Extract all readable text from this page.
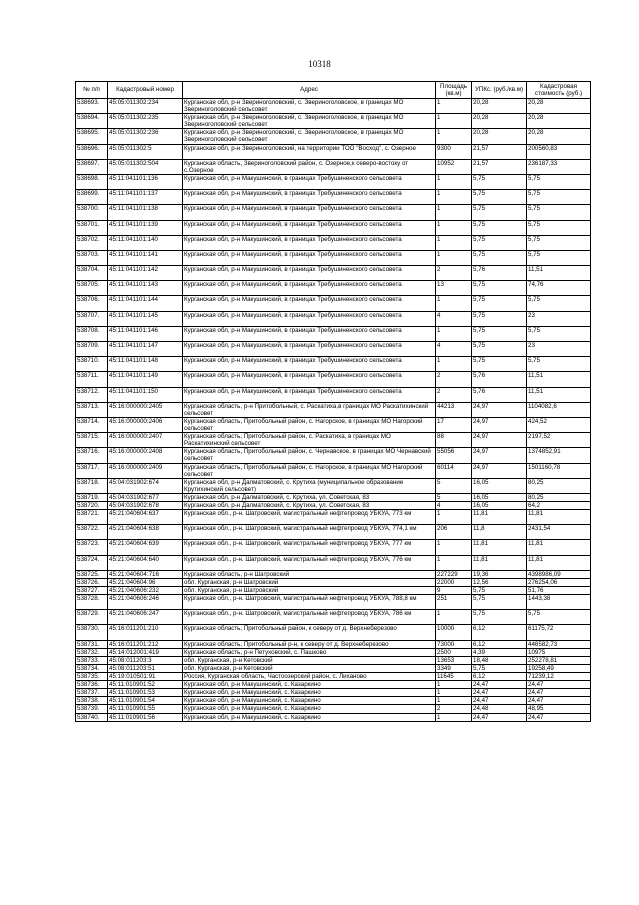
10318
№ п/п	Кадастровый номер	Адрес	Площадь (кв.м)	УПКс. (руб./кв.м)	Кадастровая стоимость (руб.)
538693.	45:05:011302:234	Курганская обл, р-н Звериноголовский, с. Звериноголовское, в границах МО Звериноголовский сельсовет	1	20,28	20,28
538694.	45:05:011302:235	Курганская обл, р-н Звериноголовский, с. Звериноголовское, в границах МО Звериноголовский сельсовет	1	20,28	20,28
538695.	45:05:011302:236	Курганская обл, р-н Звериноголовский, с. Звериноголовское, в границах МО Звериноголовский сельсовет	1	20,28	20,28
538696.	45:05:011302:5	Курганская обл, р-н Звериноголовский, на территории ТОО "Восход", с. Озерное	9300	21,57	200560,83
538697.	45:05:011302:504	Курганская область, Звериноголовский район, с. Озерное,к северо-востоку от с.Озерное	10952	21,57	236187,33
538698.	45:11:041101:136	Курганская обл, р-н Макушинский, в границах Требушиненского сельсовета	1	5,75	5,75
538699.	45:11:041101:137	Курганская обл, р-н Макушинский, в границах Требушиненского сельсовета	1	5,75	5,75
538700.	45:11:041101:138	Курганская обл, р-н Макушинский, в границах Требушиненского сельсовета	1	5,75	5,75
538701.	45:11:041101:139	Курганская обл, р-н Макушинский, в границах Требушиненского сельсовета	1	5,75	5,75
538702.	45:11:041101:140	Курганская обл, р-н Макушинский, в границах Требушиненского сельсовета	1	5,75	5,75
538703.	45:11:041101:141	Курганская обл, р-н Макушинский, в границах Требушиненского сельсовета	1	5,75	5,75
538704.	45:11:041101:142	Курганская обл, р-н Макушинский, в границах Требушиненского сельсовета	2	5,76	11,51
538705.	45:11:041101:143	Курганская обл, р-н Макушинский, в границах Требушиненского сельсовета	13	5,75	74,76
538706.	45:11:041101:144	Курганская обл, р-н Макушинский, в границах Требушиненского сельсовета	1	5,75	5,75
538707.	45:11:041101:145	Курганская обл, р-н Макушинский, в границах Требушиненского сельсовета	4	5,75	23
538708.	45:11:041101:146	Курганская обл, р-н Макушинский, в границах Требушиненского сельсовета	1	5,75	5,75
538709.	45:11:041101:147	Курганская обл, р-н Макушинский, в границах Требушиненского сельсовета	4	5,75	23
538710.	45:11:041101:148	Курганская обл, р-н Макушинский, в границах Требушиненского сельсовета	1	5,75	5,75
538711.	45:11:041101:149	Курганская обл, р-н Макушинский, в границах Требушиненского сельсовета	2	5,76	11,51
538712.	45:11:041101:150	Курганская обл, р-н Макушинский, в границах Требушиненского сельсовета	2	5,76	11,51
538713.	45:16:000000:2405	Курганская область, р-н Притобольный, с. Раскатиха,в границах МО Раскатихинский сельсовет	44213	24,97	1104082,6
538714.	45:16:000000:2406	Курганская область, Притобольный район, с. Нагорское, в границах МО Нагорский сельсовет	17	24,97	424,52
538715.	45:16:000000:2407	Курганская область, Притобольный район, с. Раскатиха, в границах МО Раскатихинский сельсовет	88	24,97	2197,52
538716.	45:16:000000:2408	Курганская область, Притобольный район, с. Чернавское, в границах МО Чернавский сельсовет	55056	24,97	1374852,91
538717.	45:16:000000:2409	Курганская область, Притобольный район, с. Нагорское, в границах МО Нагорский сельсовет	60114	24,97	1501160,78
538718.	45:04:031902:674	Курганская обл, р-н Далматовский, с. Крутиха (муниципальное образование Крутихинский сельсовет)	5	16,05	80,25
538719.	45:04:031902:677	Курганская обл, р-н Далматовский, с. Крутиха, ул. Советская, 83	5	16,05	80,25
538720.	45:04:031902:678	Курганская обл, р-н Далматовский, с. Крутиха, ул. Советская, 83	4	16,05	64,2
538721.	45:21:040604:637	Курганская обл., р-н. Шатровский, магистральный нефтепровод УБКУА, 773 км	1	11,81	11,81
538722.	45:21:040604:638	Курганская обл., р-н. Шатровский, магистральный нефтепровод УБКУА, 774,1 км	206	11,8	2431,54
538723.	45:21:040604:639	Курганская обл., р-н. Шатровский, магистральный нефтепровод УБКУА, 777 км	1	11,81	11,81
538724.	45:21:040604:640	Курганская обл., р-н. Шатровский, магистральный нефтепровод УБКУА, 776 км	1	11,81	11,81
538725.	45:21:040604:716	Курганская область, р-н Шатровский	227229	19,36	4398986,09
538726.	45:21:040604:96	обл. Курганская, р-н Шатровский	22000	12,56	276254,06
538727.	45:21:040606:232	обл. Курганская, р-н Шатровский	9	5,75	51,76
538728.	45:21:040606:246	Курганская обл., р-н. Шатровский, магистральный нефтепровод УБКУА, 788,8 км	251	5,75	1443,38
538729.	45:21:040606:247	Курганская обл., р-н. Шатровский, магистральный нефтепровод УБКУА, 786 км	1	5,75	5,75
538730.	45:16:011201:210	Курганская область, Притобольный район, к северу от д. Верхнеберезово	10000	6,12	61175,72
538731.	45:16:011201:212	Курганская область, Притобольный р-н, к северу от д. Верхнеберезово	73000	6,12	446582,73
538732.	45:14:012001:419	Курганская область, р-н Петуховский, с. Пашково	2500	4,39	10975
538733.	45:08:011203:3	обл. Курганская, р-н Кетовский	13653	18,48	252278,81
538734.	45:08:011203:51	обл. Курганская, р-н Кетовский	3349	5,75	19258,49
538735.	45:19:010501:91	Россия, Курганская область, Частоозерский район, с. Лиханово	11645	6,12	71239,12
538736.	45:11:010901:52	Курганская обл, р-н Макушинский, с. Казаркино	1	24,47	24,47
538737.	45:11:010901:53	Курганская обл, р-н Макушинский, с. Казаркино	1	24,47	24,47
538738.	45:11:010901:54	Курганская обл, р-н Макушинский, с. Казаркино	1	24,47	24,47
538739.	45:11:010901:55	Курганская обл, р-н Макушинский, с. Казаркино	2	24,48	48,95
538740.	45:11:010901:56	Курганская обл, р-н Макушинский, с. Казаркино	1	24,47	24,47
